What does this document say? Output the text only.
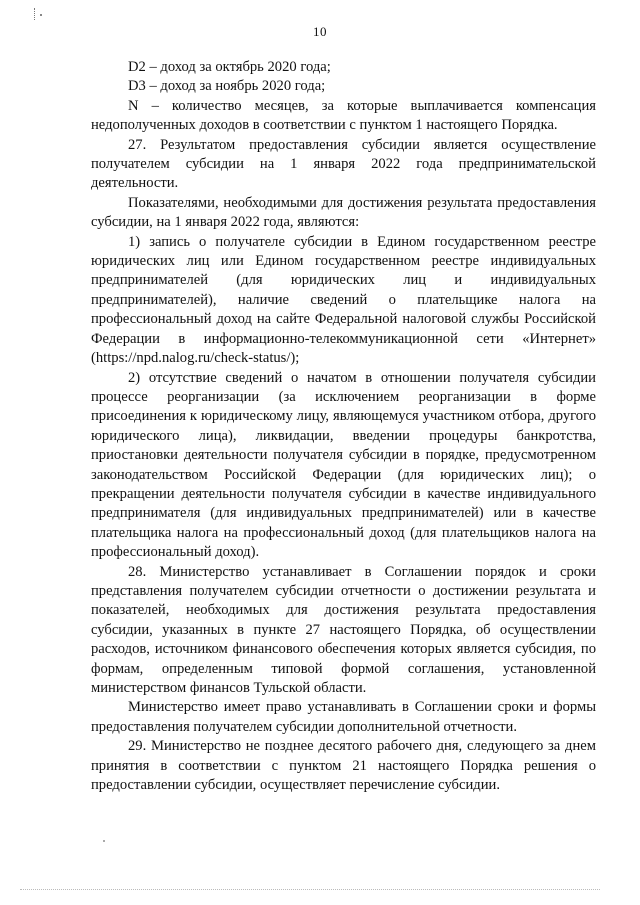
10

D2 – доход за октябрь 2020 года;

D3 – доход за ноябрь 2020 года;

N – количество месяцев, за которые выплачивается компенсация недополученных доходов в соответствии с пунктом 1 настоящего Порядка.

27. Результатом предоставления субсидии является осуществление получателем субсидии на 1 января 2022 года предпринимательской деятельности.

Показателями, необходимыми для достижения результата предоставления субсидии, на 1 января 2022 года, являются:

1) запись о получателе субсидии в Едином государственном реестре юридических лиц или Едином государственном реестре индивидуальных предпринимателей (для юридических лиц и индивидуальных предпринимателей), наличие сведений о плательщике налога на профессиональный доход на сайте Федеральной налоговой службы Российской Федерации в информационно-телекоммуникационной сети «Интернет» (https://npd.nalog.ru/check-status/);

2) отсутствие сведений о начатом в отношении получателя субсидии процессе реорганизации (за исключением реорганизации в форме присоединения к юридическому лицу, являющемуся участником отбора, другого юридического лица), ликвидации, введении процедуры банкротства, приостановки деятельности получателя субсидии в порядке, предусмотренном законодательством Российской Федерации (для юридических лиц); о прекращении деятельности получателя субсидии в качестве индивидуального предпринимателя (для индивидуальных предпринимателей) или в качестве плательщика налога на профессиональный доход (для плательщиков налога на профессиональный доход).

28. Министерство устанавливает в Соглашении порядок и сроки представления получателем субсидии отчетности о достижении результата и показателей, необходимых для достижения результата предоставления субсидии, указанных в пункте 27 настоящего Порядка, об осуществлении расходов, источником финансового обеспечения которых является субсидия, по формам, определенным типовой формой соглашения, установленной министерством финансов Тульской области.

Министерство имеет право устанавливать в Соглашении сроки и формы предоставления получателем субсидии дополнительной отчетности.

29. Министерство не позднее десятого рабочего дня, следующего за днем принятия в соответствии с пунктом 21 настоящего Порядка решения о предоставлении субсидии, осуществляет перечисление субсидии.
